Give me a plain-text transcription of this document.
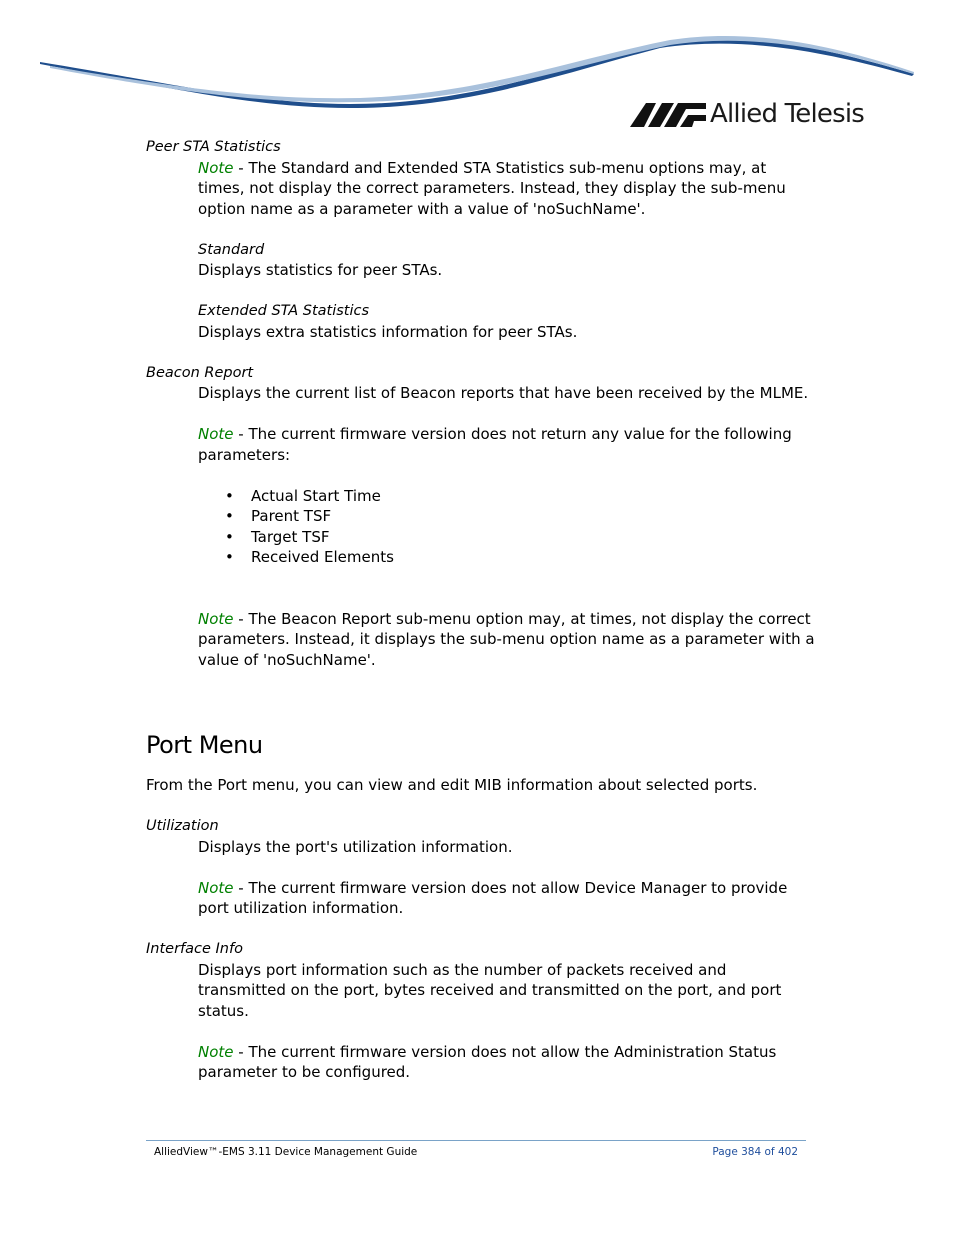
Allied Telesis

Peer STA Statistics

Note - The Standard and Extended STA Statistics sub-menu options may, at times, not display the correct parameters. Instead, they display the sub-menu option name as a parameter with a value of 'noSuchName'.

Standard

Displays statistics for peer STAs.

Extended STA Statistics

Displays extra statistics information for peer STAs.

Beacon Report

Displays the current list of Beacon reports that have been received by the MLME.

Note - The current firmware version does not return any value for the following parameters:

• Actual Start Time
• Parent TSF
• Target TSF
• Received Elements

Note - The Beacon Report sub-menu option may, at times, not display the correct parameters. Instead, it displays the sub-menu option name as a parameter with a value of 'noSuchName'.

Port Menu

From the Port menu, you can view and edit MIB information about selected ports.

Utilization

Displays the port's utilization information.

Note - The current firmware version does not allow Device Manager to provide port utilization information.

Interface Info

Displays port information such as the number of packets received and transmitted on the port, bytes received and transmitted on the port, and port status.

Note - The current firmware version does not allow the Administration Status parameter to be configured.

AlliedView™-EMS 3.11 Device Management Guide	Page 384 of 402
